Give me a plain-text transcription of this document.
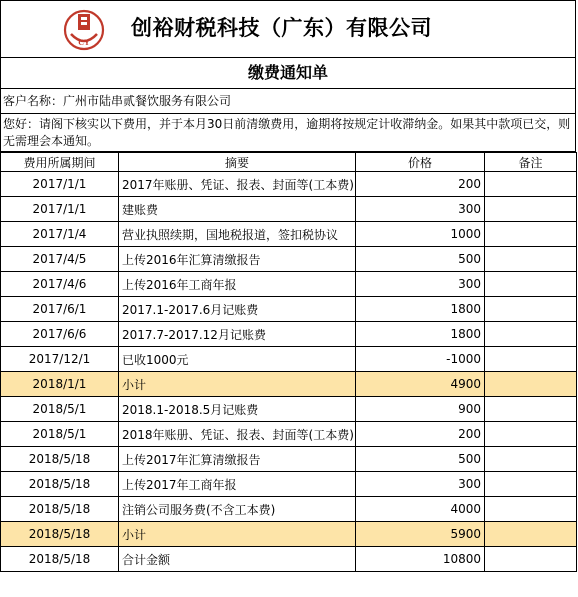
CY
创裕财税科技（广东）有限公司
缴费通知单
客户名称：广州市陆串贰餐饮服务有限公司
您好：请阁下核实以下费用，并于本月30日前清缴费用，逾期将按规定计收滞纳金。如果其中款项已交，则无需理会本通知。
费用所属期间	摘要	价格	备注
2017/1/1	2017年账册、凭证、报表、封面等(工本费)	200	
2017/1/1	建账费	300	
2017/1/4	营业执照续期，国地税报道，签扣税协议	1000	
2017/4/5	上传2016年汇算清缴报告	500	
2017/4/6	上传2016年工商年报	300	
2017/6/1	2017.1-2017.6月记账费	1800	
2017/6/6	2017.7-2017.12月记账费	1800	
2017/12/1	已收1000元	-1000	
2018/1/1	小计	4900	
2018/5/1	2018.1-2018.5月记账费	900	
2018/5/1	2018年账册、凭证、报表、封面等(工本费)	200	
2018/5/18	上传2017年汇算清缴报告	500	
2018/5/18	上传2017年工商年报	300	
2018/5/18	注销公司服务费(不含工本费)	4000	
2018/5/18	小计	5900	
2018/5/18	合计金额	10800	
